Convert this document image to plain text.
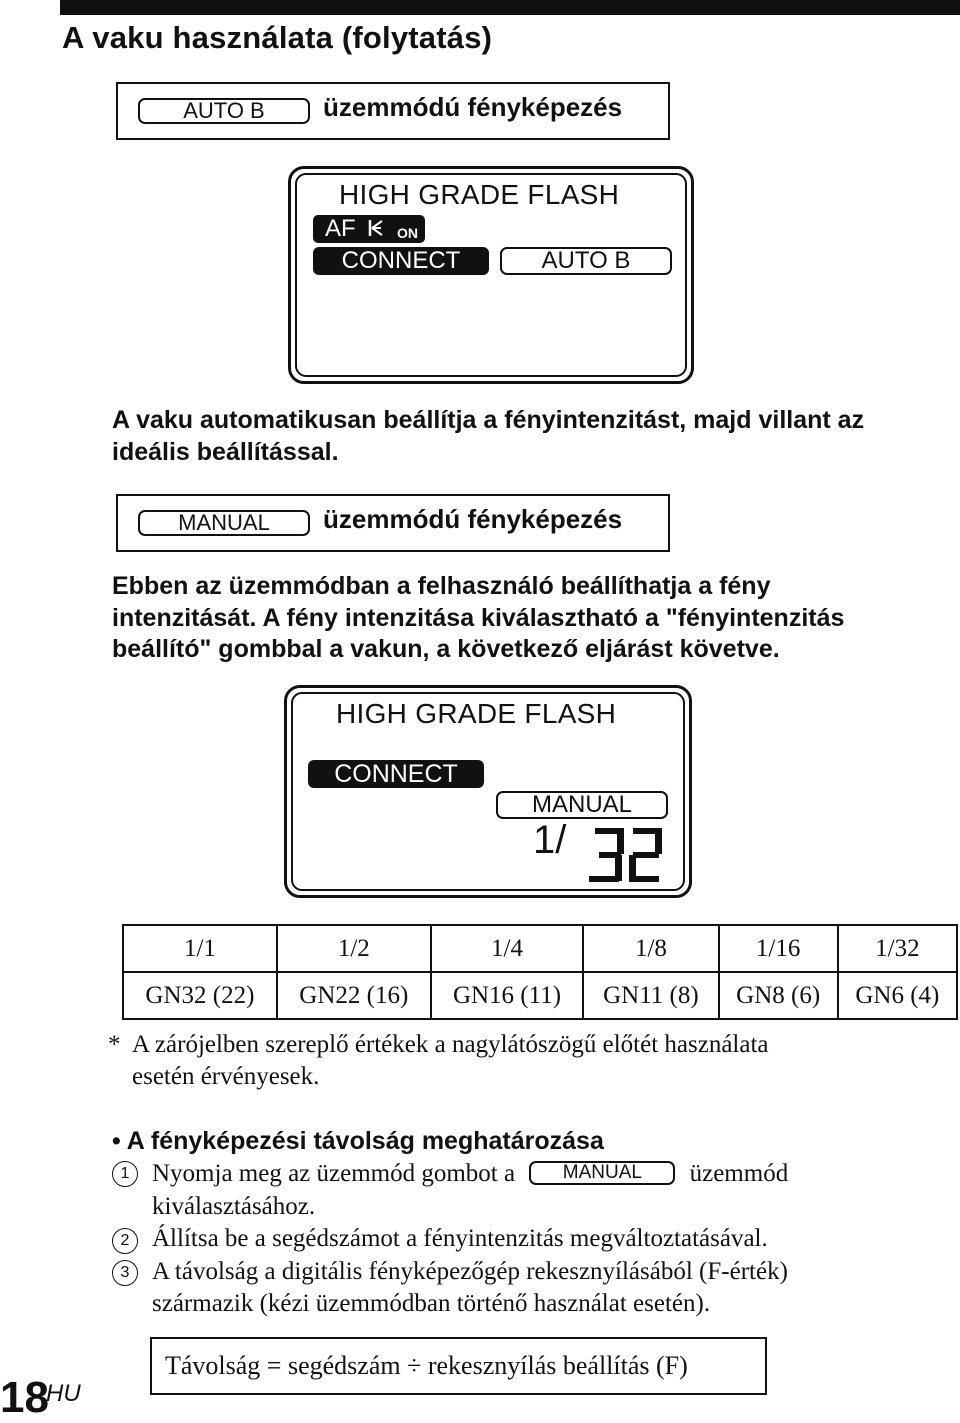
A vaku használata (folytatás)
AUTO B	üzemmódú fényképezés
HIGH GRADE FLASH
AF	ON
CONNECT	AUTO B
A vaku automatikusan beállítja a fényintenzitást, majd villant az
ideális beállítással.
MANUAL	üzemmódú fényképezés
Ebben az üzemmódban a felhasználó beállíthatja a fény
intenzitását. A fény intenzitása kiválasztható a "fényintenzitás
beállító" gombbal a vakun, a következő eljárást követve.
HIGH GRADE FLASH
CONNECT
MANUAL
1/
1/1	1/2	1/4	1/8	1/16	1/32
GN32 (22)	GN22 (16)	GN16 (11)	GN11 (8)	GN8 (6)	GN6 (4)
* A zárójelben szereplő értékek a nagylátószögű előtét használata
esetén érvényesek.
• A fényképezési távolság meghatározása
1 Nyomja meg az üzemmód gombot a	MANUAL üzemmód
kiválasztásához.
2 Állítsa be a segédszámot a fényintenzitás megváltoztatásával.
3 A távolság a digitális fényképezőgép rekesznyílásából (F-érték)
származik (kézi üzemmódban történő használat esetén).
Távolság = segédszám ÷ rekesznyílás beállítás (F)
18
HU
